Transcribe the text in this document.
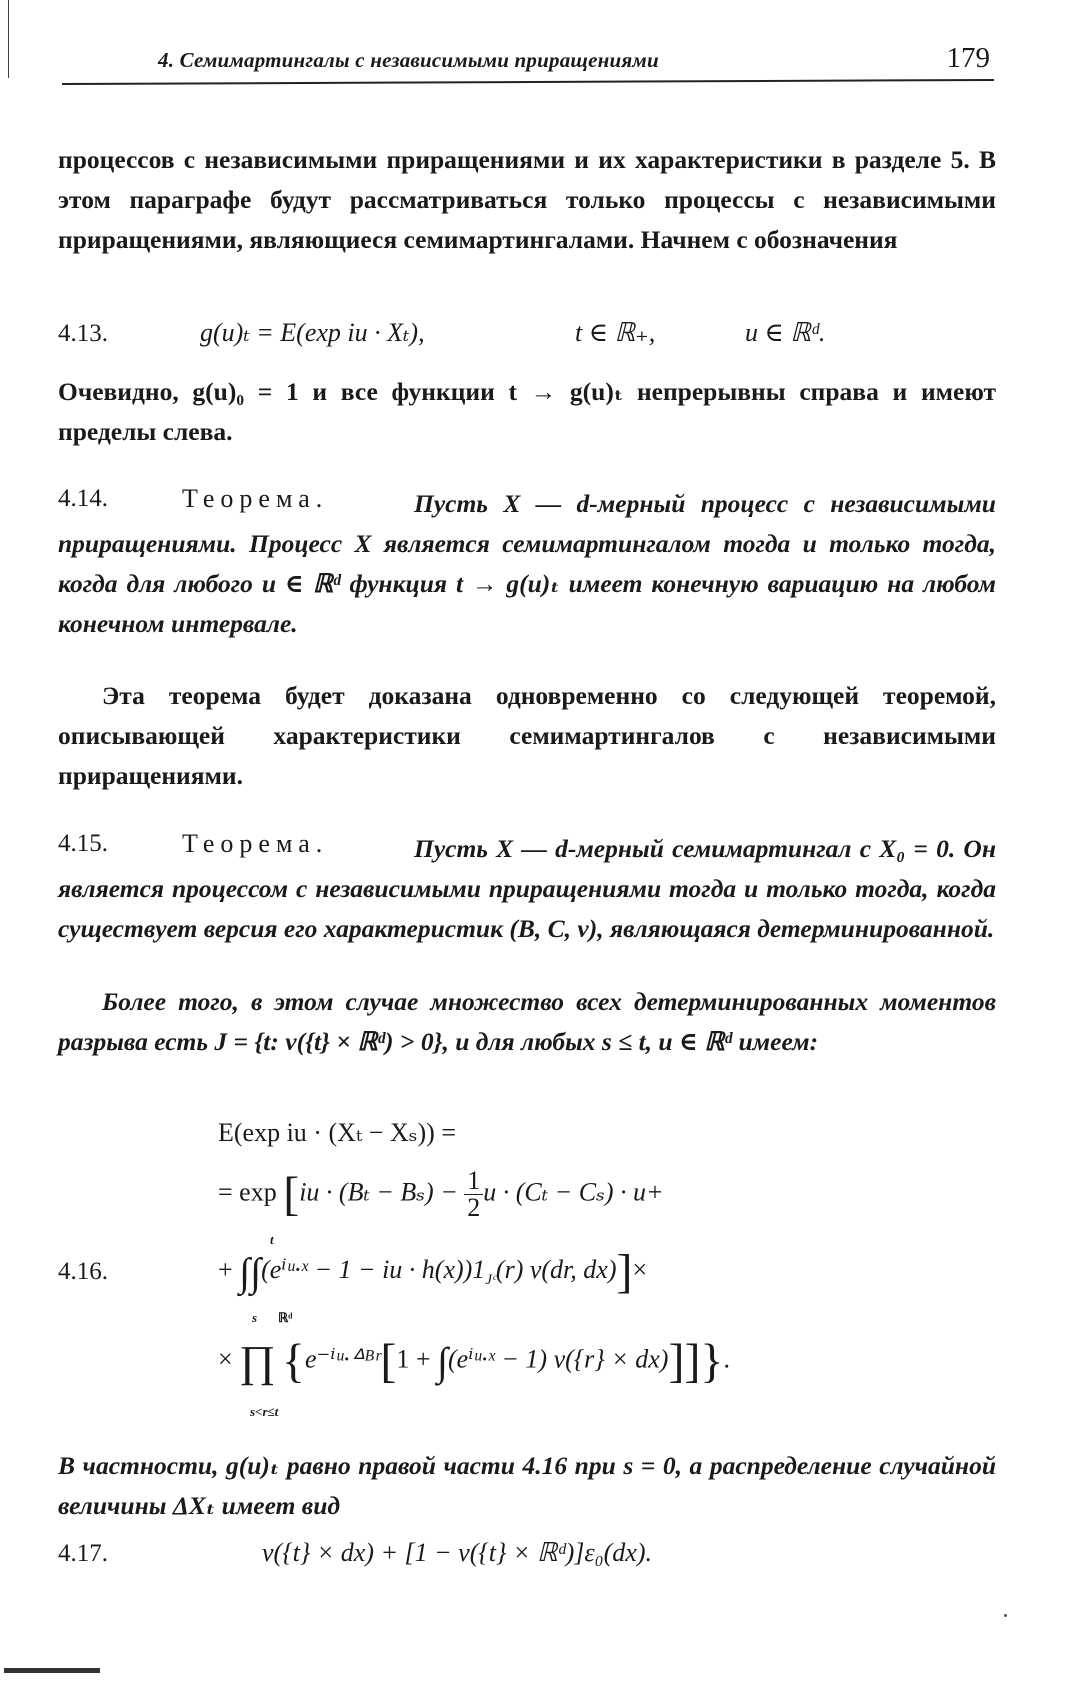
4. Семимартингалы с независимыми приращениями	179
процессов с независимыми приращениями и их характеристики в разделе 5. В этом параграфе будут рассматриваться только процессы с независимыми приращениями, являющиеся семимартингалами. Начнем с обозначения
4.13.	g(u)ₜ = E(exp iu · Xₜ),	t ∈ ℝ₊,	u ∈ ℝᵈ.
Очевидно, g(u)₀ = 1 и все функции t → g(u)ₜ непрерывны справа и имеют пределы слева.
4.14.	Теорема.	Пусть X — d-мерный процесс с независимыми приращениями. Процесс X является семимартингалом тогда и только тогда, когда для любого u ∈ ℝᵈ функция t → g(u)ₜ имеет конечную вариацию на любом конечном интервале.
Эта теорема будет доказана одновременно со следующей теоремой, описывающей характеристики семимартингалов с независимыми приращениями.
4.15.	Теорема.	Пусть X — d-мерный семимартингал с X₀ = 0. Он является процессом с независимыми приращениями тогда и только тогда, когда существует версия его характеристик (B, C, ν), являющаяся детерминированной.
Более того, в этом случае множество всех детерминированных моментов разрыва есть J = {t: ν({t} × ℝᵈ) > 0}, и для любых s ≤ t, u ∈ ℝᵈ имеем:
E(exp iu · (Xₜ − Xₛ)) =
= $\exp [iu \cdot (B_t - B_s) - \frac{1}{2}$ u · (Cₜ − Cₛ) · u+
4.16.
t
+ ∫∫(eⁱᵘ·ˣ − 1 − iu · $h(x))1_{Jᶜ}(r)$ ν(dr, dx)]×
s ℝᵈ
× ∏ {e⁻ⁱᵘ·ᐞᴮʳ[1 + ∫(eⁱᵘ·ˣ − 1) ν({r} × dx)]]}.
s<r≤t
В частности, g(u)ₜ равно правой части 4.16 при s = 0, а распределение случайной величины ΔXₜ имеет вид
4.17.	ν({t} × dx) + [1 − ν({t} × ℝᵈ)]ε₀(dx).
